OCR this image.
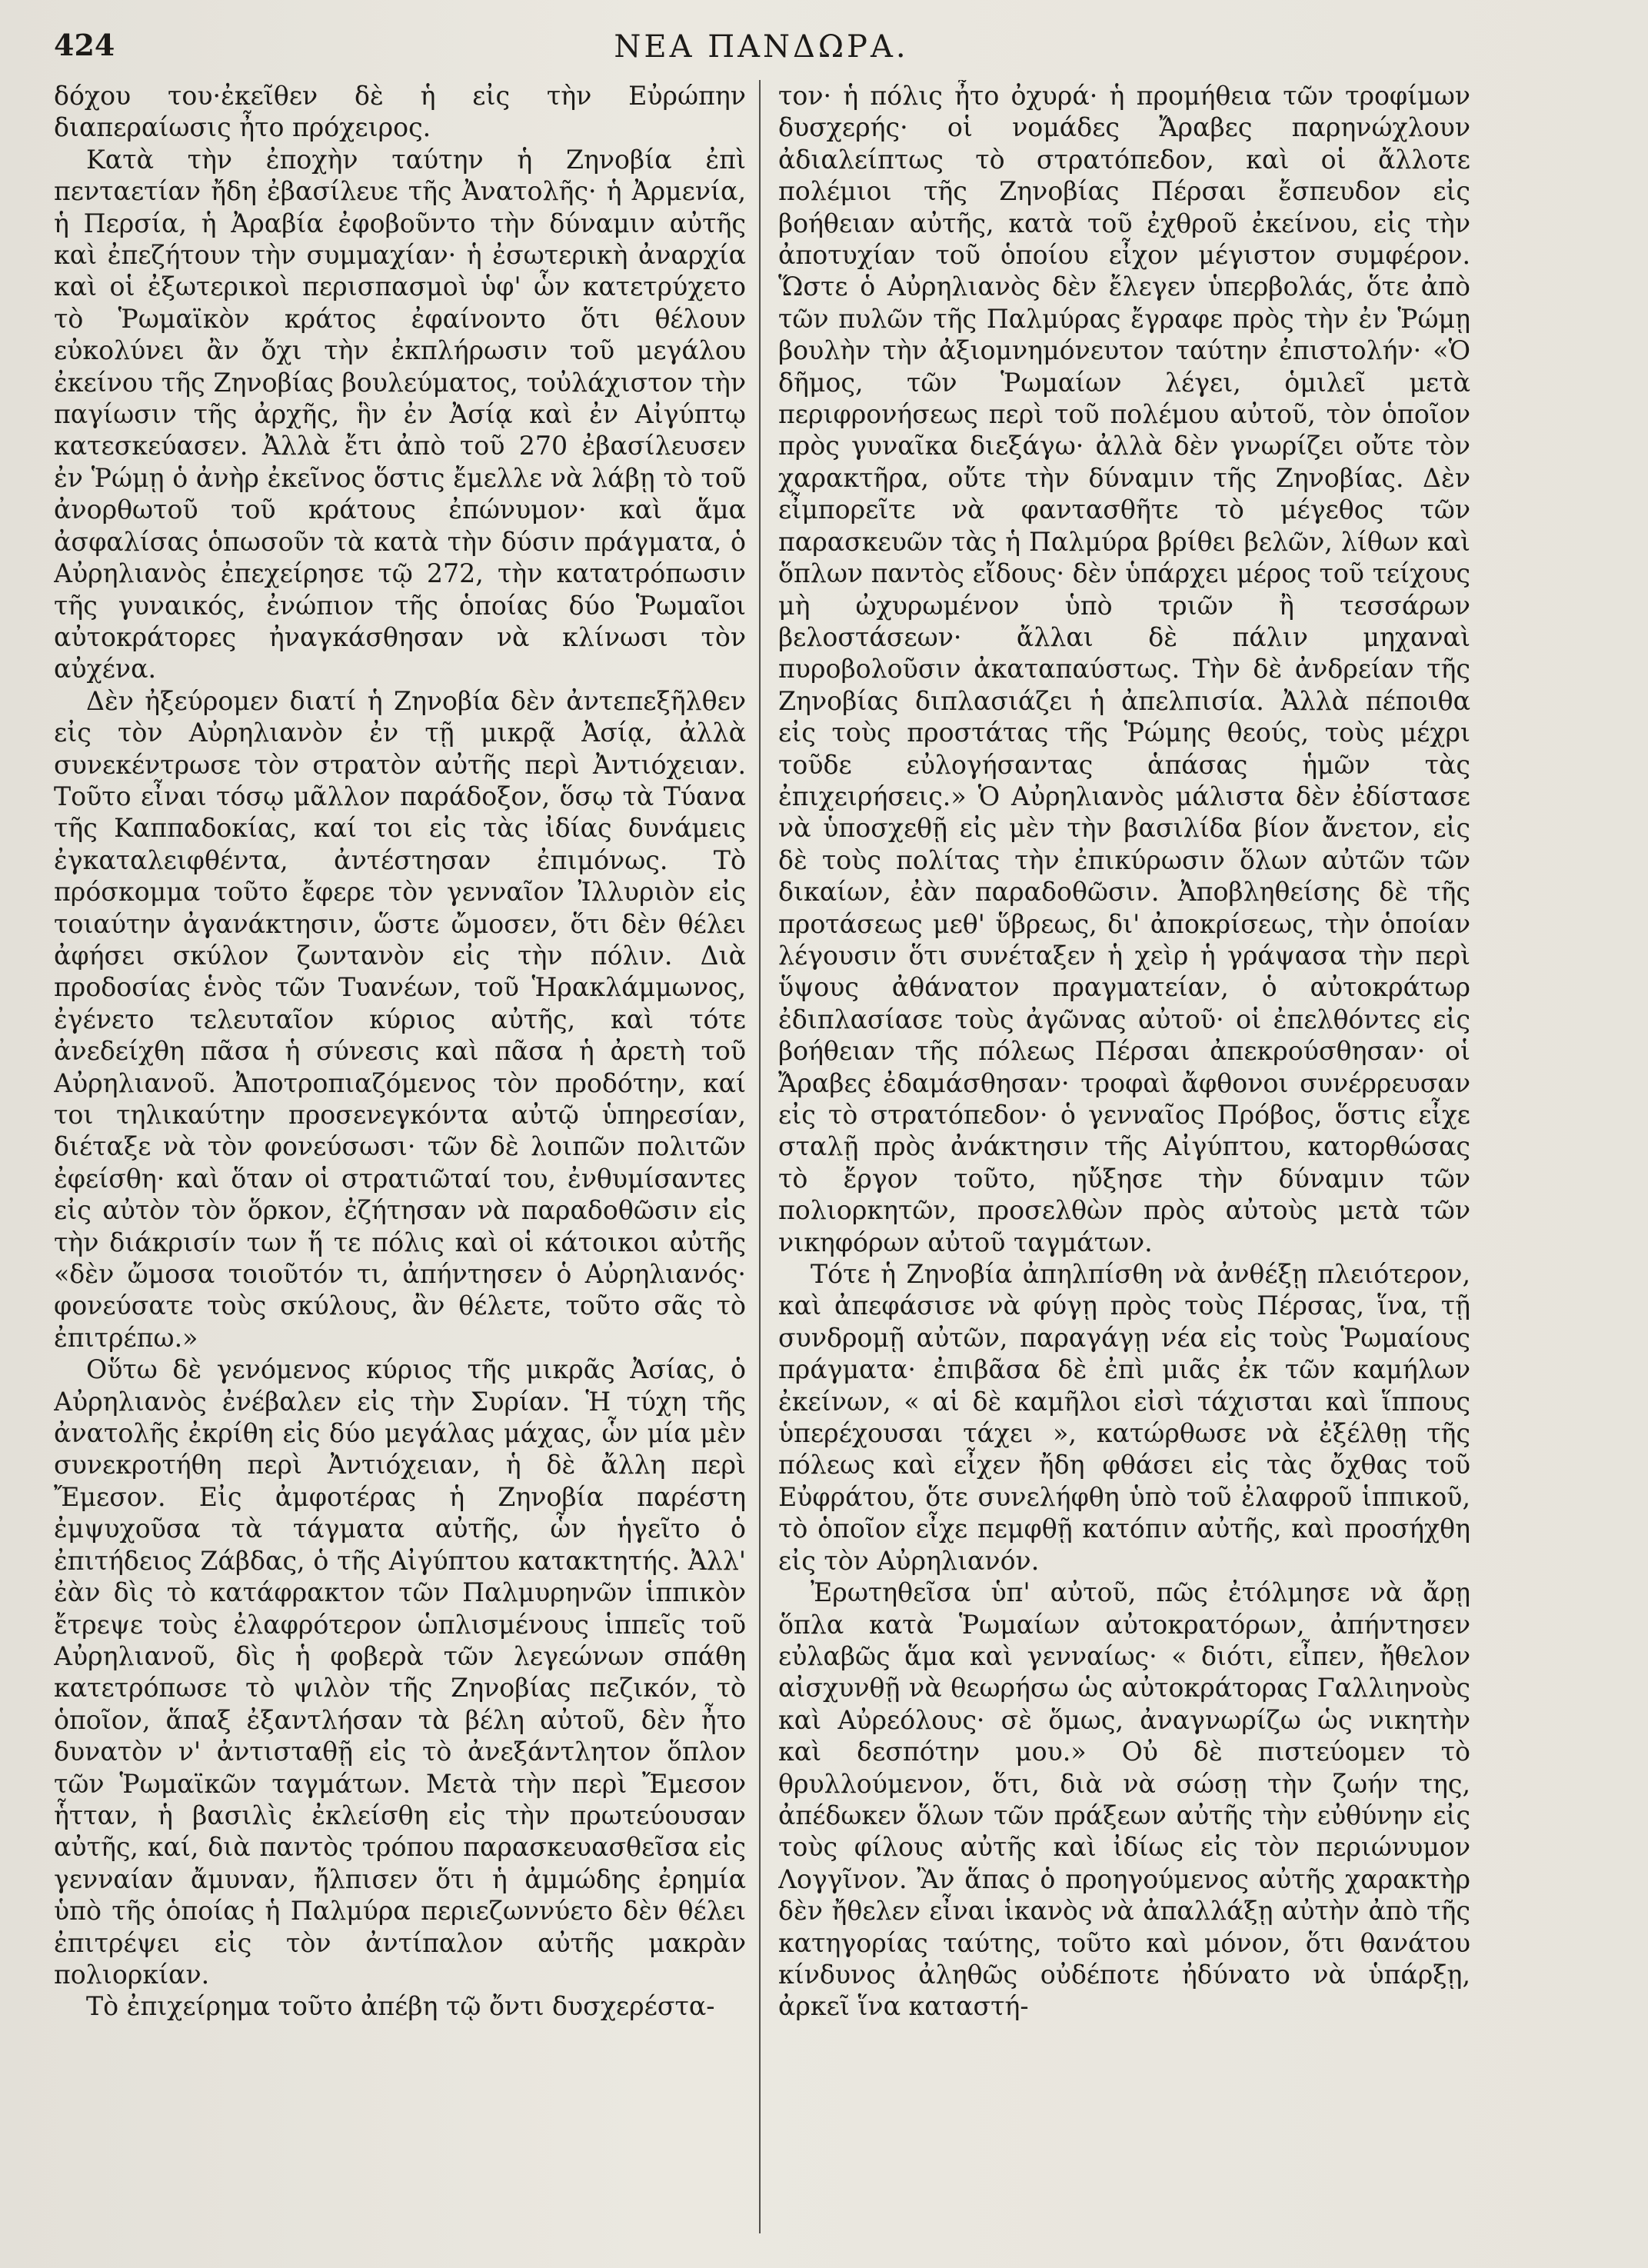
424	ΝΕΑ ΠΑΝΔΩΡΑ.

δόχου του·ἐκεῖθεν δὲ ἡ εἰς τὴν Εὐρώπην διαπεραίωσις ἦτο πρόχειρος.

Κατὰ τὴν ἐποχὴν ταύτην ἡ Ζηνοβία ἐπὶ πενταετίαν ἤδη ἐβασίλευε τῆς Ἀνατολῆς· ἡ Ἀρμενία, ἡ Περσία, ἡ Ἀραβία ἐφοβοῦντο τὴν δύναμιν αὐτῆς καὶ ἐπεζήτουν τὴν συμμαχίαν· ἡ ἐσωτερικὴ ἀναρχία καὶ οἱ ἐξωτερικοὶ περισπασμοὶ ὑφ' ὧν κατετρύχετο τὸ Ῥωμαϊκὸν κράτος ἐφαίνοντο ὅτι θέλουν εὐκολύνει ἂν ὄχι τὴν ἐκπλήρωσιν τοῦ μεγάλου ἐκείνου τῆς Ζηνοβίας βουλεύματος, τοὐλάχιστον τὴν παγίωσιν τῆς ἀρχῆς, ἣν ἐν Ἀσίᾳ καὶ ἐν Αἰγύπτῳ κατεσκεύασεν. Ἀλλὰ ἔτι ἀπὸ τοῦ 270 ἐβασίλευσεν ἐν Ῥώμῃ ὁ ἀνὴρ ἐκεῖνος ὅστις ἔμελλε νὰ λάβῃ τὸ τοῦ ἀνορθωτοῦ τοῦ κράτους ἐπώνυμον· καὶ ἅμα ἀσφαλίσας ὁπωσοῦν τὰ κατὰ τὴν δύσιν πράγματα, ὁ Αὐρηλιανὸς ἐπεχείρησε τῷ 272, τὴν κατατρόπωσιν τῆς γυναικός, ἐνώπιον τῆς ὁποίας δύο Ῥωμαῖοι αὐτοκράτορες ἠναγκάσθησαν νὰ κλίνωσι τὸν αὐχένα.

Δὲν ἠξεύρομεν διατί ἡ Ζηνοβία δὲν ἀντεπεξῆλθεν εἰς τὸν Αὐρηλιανὸν ἐν τῇ μικρᾷ Ἀσίᾳ, ἀλλὰ συνεκέντρωσε τὸν στρατὸν αὐτῆς περὶ Ἀντιόχειαν. Τοῦτο εἶναι τόσῳ μᾶλλον παράδοξον, ὅσῳ τὰ Τύανα τῆς Καππαδοκίας, καί τοι εἰς τὰς ἰδίας δυνάμεις ἐγκαταλειφθέντα, ἀντέστησαν ἐπιμόνως. Τὸ πρόσκομμα τοῦτο ἔφερε τὸν γενναῖον Ἰλλυριὸν εἰς τοιαύτην ἀγανάκτησιν, ὥστε ὤμοσεν, ὅτι δὲν θέλει ἀφήσει σκύλον ζωντανὸν εἰς τὴν πόλιν. Διὰ προδοσίας ἑνὸς τῶν Τυανέων, τοῦ Ἡρακλάμμωνος, ἐγένετο τελευταῖον κύριος αὐτῆς, καὶ τότε ἀνεδείχθη πᾶσα ἡ σύνεσις καὶ πᾶσα ἡ ἀρετὴ τοῦ Αὐρηλιανοῦ. Ἀποτροπιαζόμενος τὸν προδότην, καί τοι τηλικαύτην προσενεγκόντα αὐτῷ ὑπηρεσίαν, διέταξε νὰ τὸν φονεύσωσι· τῶν δὲ λοιπῶν πολιτῶν ἐφείσθη· καὶ ὅταν οἱ στρατιῶταί του, ἐνθυμίσαντες εἰς αὐτὸν τὸν ὅρκον, ἐζήτησαν νὰ παραδοθῶσιν εἰς τὴν διάκρισίν των ἥ τε πόλις καὶ οἱ κάτοικοι αὐτῆς «δὲν ὤμοσα τοιοῦτόν τι, ἀπήντησεν ὁ Αὐρηλιανός· φονεύσατε τοὺς σκύλους, ἂν θέλετε, τοῦτο σᾶς τὸ ἐπιτρέπω.»

Οὕτω δὲ γενόμενος κύριος τῆς μικρᾶς Ἀσίας, ὁ Αὐρηλιανὸς ἐνέβαλεν εἰς τὴν Συρίαν. Ἡ τύχη τῆς ἀνατολῆς ἐκρίθη εἰς δύο μεγάλας μάχας, ὧν μία μὲν συνεκροτήθη περὶ Ἀντιόχειαν, ἡ δὲ ἄλλη περὶ Ἔμεσον. Εἰς ἀμφοτέρας ἡ Ζηνοβία παρέστη ἐμψυχοῦσα τὰ τάγματα αὐτῆς, ὧν ἡγεῖτο ὁ ἐπιτήδειος Ζάβδας, ὁ τῆς Αἰγύπτου κατακτητής. Ἀλλ' ἐὰν δὶς τὸ κατάφρακτον τῶν Παλμυρηνῶν ἱππικὸν ἔτρεψε τοὺς ἐλαφρότερον ὡπλισμένους ἱππεῖς τοῦ Αὐρηλιανοῦ, δὶς ἡ φοβερὰ τῶν λεγεώνων σπάθη κατετρόπωσε τὸ ψιλὸν τῆς Ζηνοβίας πεζικόν, τὸ ὁποῖον, ἅπαξ ἐξαντλήσαν τὰ βέλη αὐτοῦ, δὲν ἦτο δυνατὸν ν' ἀντισταθῇ εἰς τὸ ἀνεξάντλητον ὅπλον τῶν Ῥωμαϊκῶν ταγμάτων. Μετὰ τὴν περὶ Ἔμεσον ἧτταν, ἡ βασιλὶς ἐκλείσθη εἰς τὴν πρωτεύουσαν αὐτῆς, καί, διὰ παντὸς τρόπου παρασκευασθεῖσα εἰς γενναίαν ἄμυναν, ἤλπισεν ὅτι ἡ ἀμμώδης ἐρημία ὑπὸ τῆς ὁποίας ἡ Παλμύρα περιεζωννύετο δὲν θέλει ἐπιτρέψει εἰς τὸν ἀντίπαλον αὐτῆς μακρὰν πολιορκίαν.

Τὸ ἐπιχείρημα τοῦτο ἀπέβη τῷ ὄντι δυσχερέστα-

τον· ἡ πόλις ἦτο ὀχυρά· ἡ προμήθεια τῶν τροφίμων δυσχερής· οἱ νομάδες Ἄραβες παρηνώχλουν ἀδιαλείπτως τὸ στρατόπεδον, καὶ οἱ ἄλλοτε πολέμιοι τῆς Ζηνοβίας Πέρσαι ἔσπευδον εἰς βοήθειαν αὐτῆς, κατὰ τοῦ ἐχθροῦ ἐκείνου, εἰς τὴν ἀποτυχίαν τοῦ ὁποίου εἶχον μέγιστον συμφέρον. Ὥστε ὁ Αὐρηλιανὸς δὲν ἔλεγεν ὑπερβολάς, ὅτε ἀπὸ τῶν πυλῶν τῆς Παλμύρας ἔγραφε πρὸς τὴν ἐν Ῥώμῃ βουλὴν τὴν ἀξιομνημόνευτον ταύτην ἐπιστολήν· «Ὁ δῆμος, τῶν Ῥωμαίων λέγει, ὁμιλεῖ μετὰ περιφρονήσεως περὶ τοῦ πολέμου αὐτοῦ, τὸν ὁποῖον πρὸς γυναῖκα διεξάγω· ἀλλὰ δὲν γνωρίζει οὔτε τὸν χαρακτῆρα, οὔτε τὴν δύναμιν τῆς Ζηνοβίας. Δὲν εἶμπορεῖτε νὰ φαντασθῆτε τὸ μέγεθος τῶν παρασκευῶν τὰς ἡ Παλμύρα βρίθει βελῶν, λίθων καὶ ὅπλων παντὸς εἴδους· δὲν ὑπάρχει μέρος τοῦ τείχους μὴ ὠχυρωμένον ὑπὸ τριῶν ἢ τεσσάρων βελοστάσεων· ἄλλαι δὲ πάλιν μηχαναὶ πυροβολοῦσιν ἀκαταπαύστως. Τὴν δὲ ἀνδρείαν τῆς Ζηνοβίας διπλασιάζει ἡ ἀπελπισία. Ἀλλὰ πέποιθα εἰς τοὺς προστάτας τῆς Ῥώμης θεούς, τοὺς μέχρι τοῦδε εὐλογήσαντας ἁπάσας ἡμῶν τὰς ἐπιχειρήσεις.» Ὁ Αὐρηλιανὸς μάλιστα δὲν ἐδίστασε νὰ ὑποσχεθῇ εἰς μὲν τὴν βασιλίδα βίον ἄνετον, εἰς δὲ τοὺς πολίτας τὴν ἐπικύρωσιν ὅλων αὐτῶν τῶν δικαίων, ἐὰν παραδοθῶσιν. Ἀποβληθείσης δὲ τῆς προτάσεως μεθ' ὕβρεως, δι' ἀποκρίσεως, τὴν ὁποίαν λέγουσιν ὅτι συνέταξεν ἡ χεὶρ ἡ γράψασα τὴν περὶ ὕψους ἀθάνατον πραγματείαν, ὁ αὐτοκράτωρ ἐδιπλασίασε τοὺς ἀγῶνας αὐτοῦ· οἱ ἐπελθόντες εἰς βοήθειαν τῆς πόλεως Πέρσαι ἀπεκρούσθησαν· οἱ Ἄραβες ἐδαμάσθησαν· τροφαὶ ἄφθονοι συνέρρευσαν εἰς τὸ στρατόπεδον· ὁ γενναῖος Πρόβος, ὅστις εἶχε σταλῇ πρὸς ἀνάκτησιν τῆς Αἰγύπτου, κατορθώσας τὸ ἔργον τοῦτο, ηὔξησε τὴν δύναμιν τῶν πολιορκητῶν, προσελθὼν πρὸς αὐτοὺς μετὰ τῶν νικηφόρων αὐτοῦ ταγμάτων.

Τότε ἡ Ζηνοβία ἀπηλπίσθη νὰ ἀνθέξῃ πλειότερον, καὶ ἀπεφάσισε νὰ φύγῃ πρὸς τοὺς Πέρσας, ἵνα, τῇ συνδρομῇ αὐτῶν, παραγάγῃ νέα εἰς τοὺς Ῥωμαίους πράγματα· ἐπιβᾶσα δὲ ἐπὶ μιᾶς ἐκ τῶν καμήλων ἐκείνων, « αἱ δὲ καμῆλοι εἰσὶ τάχισται καὶ ἵππους ὑπερέχουσαι τάχει », κατώρθωσε νὰ ἐξέλθῃ τῆς πόλεως καὶ εἶχεν ἤδη φθάσει εἰς τὰς ὄχθας τοῦ Εὐφράτου, ὅτε συνελήφθη ὑπὸ τοῦ ἐλαφροῦ ἱππικοῦ, τὸ ὁποῖον εἶχε πεμφθῇ κατόπιν αὐτῆς, καὶ προσήχθη εἰς τὸν Αὐρηλιανόν.

Ἐρωτηθεῖσα ὑπ' αὐτοῦ, πῶς ἐτόλμησε νὰ ἄρῃ ὅπλα κατὰ Ῥωμαίων αὐτοκρατόρων, ἀπήντησεν εὐλαβῶς ἅμα καὶ γενναίως· « διότι, εἶπεν, ἤθελον αἰσχυνθῇ νὰ θεωρήσω ὡς αὐτοκράτορας Γαλλιηνοὺς καὶ Αὐρεόλους· σὲ ὅμως, ἀναγνωρίζω ὡς νικητὴν καὶ δεσπότην μου.» Οὐ δὲ πιστεύομεν τὸ θρυλλούμενον, ὅτι, διὰ νὰ σώσῃ τὴν ζωήν της, ἀπέδωκεν ὅλων τῶν πράξεων αὐτῆς τὴν εὐθύνην εἰς τοὺς φίλους αὐτῆς καὶ ἰδίως εἰς τὸν περιώνυμον Λογγῖνον. Ἂν ἅπας ὁ προηγούμενος αὐτῆς χαρακτὴρ δὲν ἤθελεν εἶναι ἱκανὸς νὰ ἀπαλλάξῃ αὐτὴν ἀπὸ τῆς κατηγορίας ταύτης, τοῦτο καὶ μόνον, ὅτι θανάτου κίνδυνος ἀληθῶς οὐδέποτε ἠδύνατο νὰ ὑπάρξῃ, ἀρκεῖ ἵνα καταστή-
